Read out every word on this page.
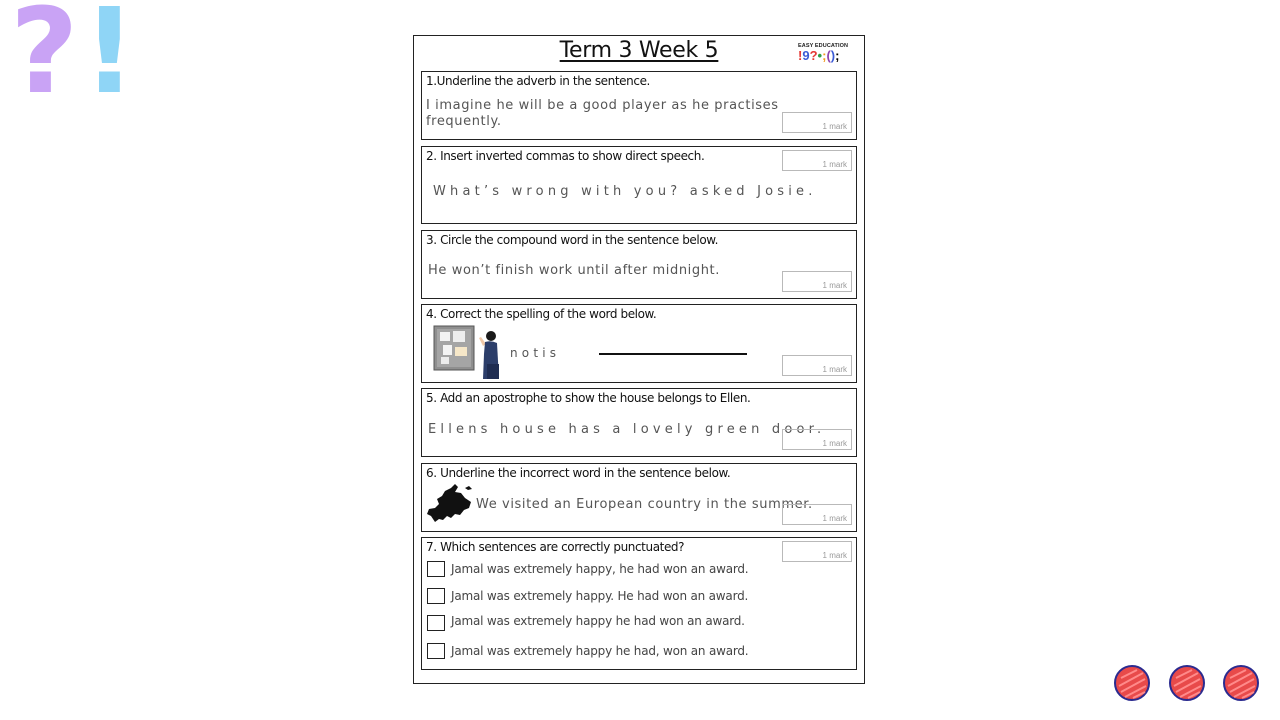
?!	Term 3 Week 5	EASY EDUCATION
!9?•;();
1.Underline the adverb in the sentence.
I imagine he will be a good player as he practises
frequently.	1 mark
2. Insert inverted commas to show direct speech.
What’s wrong with you? asked Josie.
1 mark
3. Circle the compound word in the sentence below.
He won’t finish work until after midnight.
1 mark
4. Correct the spelling of the word below.
notis
1 mark
5. Add an apostrophe to show the house belongs to Ellen.
Ellens house has a lovely green door.
1 mark
6. Underline the incorrect word in the sentence below.
We visited an European country in the summer.
1 mark
7. Which sentences are correctly punctuated?
1 mark
Jamal was extremely happy, he had won an award.
Jamal was extremely happy. He had won an award.
Jamal was extremely happy he had won an award.
Jamal was extremely happy he had, won an award.
